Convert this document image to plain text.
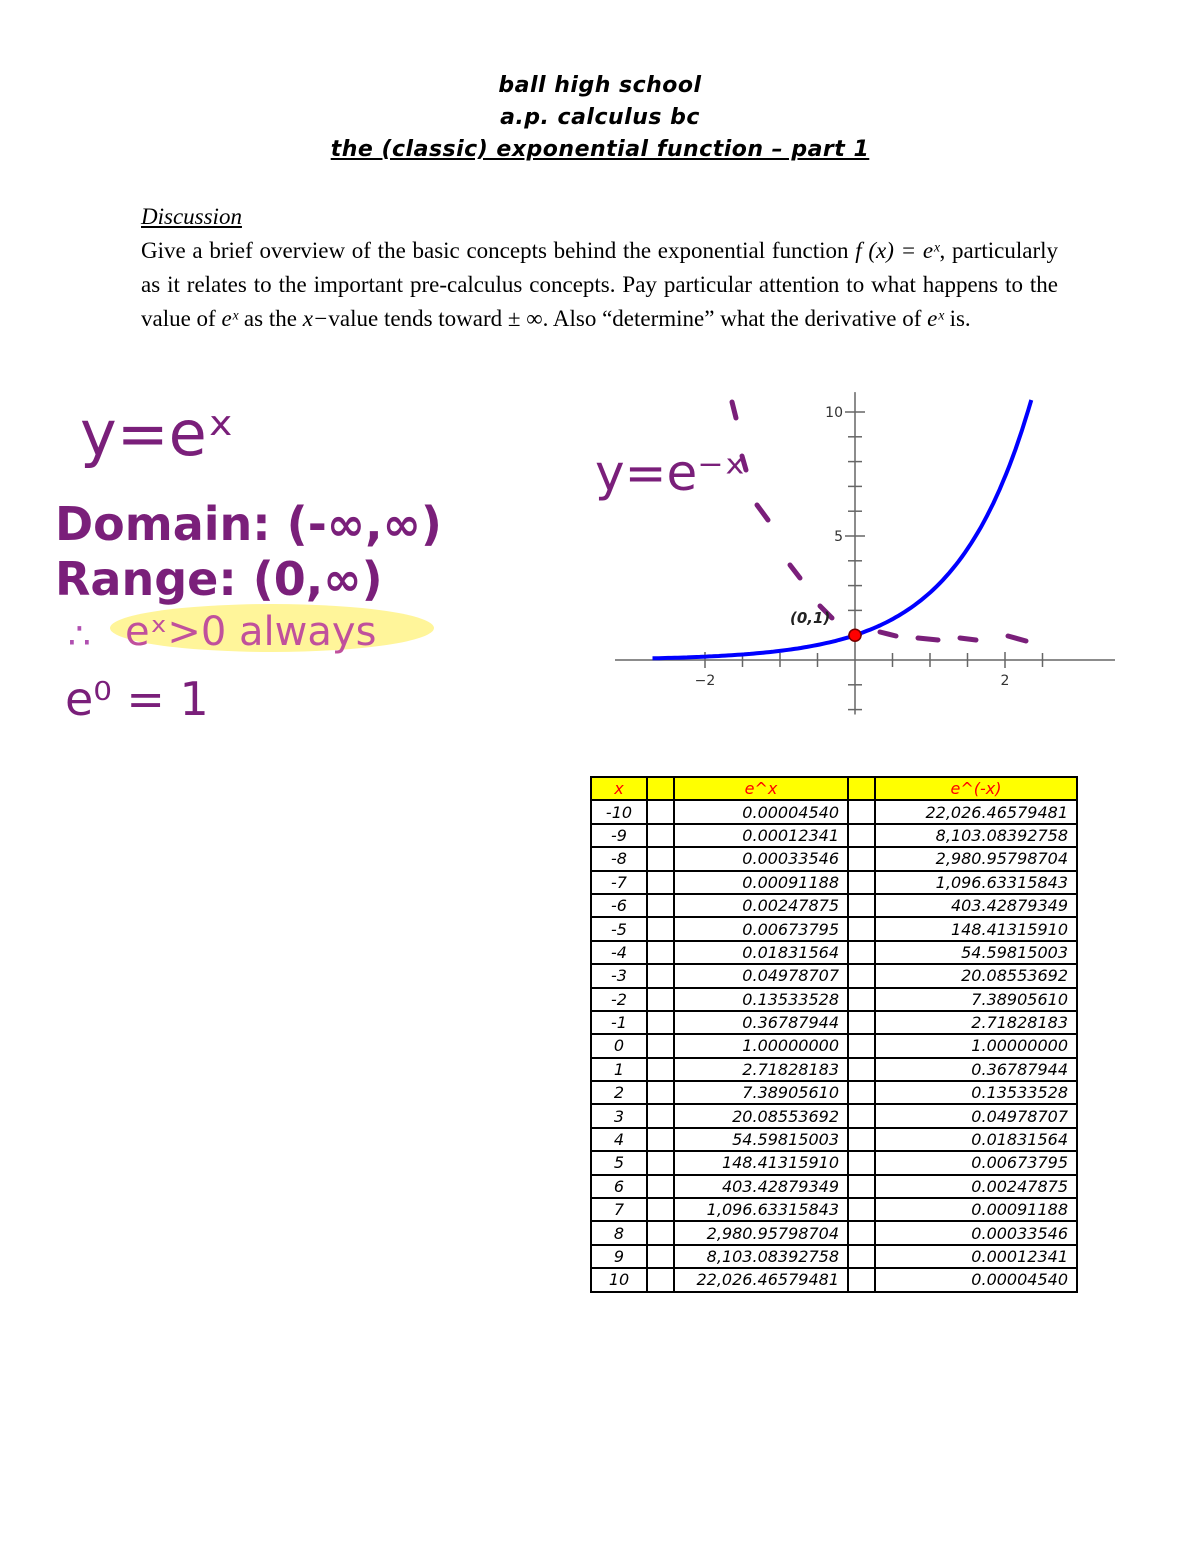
ball high school
a.p. calculus bc
the (classic) exponential function – part 1
Discussion
Give a brief overview of the basic concepts behind the exponential function f (x) = eˣ, particularly as it relates to the important pre-calculus concepts. Pay particular attention to what happens to the value of eˣ as the x−value tends toward ± ∞. Also “determine” what the derivative of eˣ is.
y=eˣ
Domain: (-∞,∞)
Range: (0,∞)
∴ eˣ>0 always
e⁰ = 1
y=e⁻ˣ
−2	2
5
10
(0,1)
x		e^x		e^(-x)
-10		0.00004540		22,026.46579481
-9		0.00012341		8,103.08392758
-8		0.00033546		2,980.95798704
-7		0.00091188		1,096.63315843
-6		0.00247875		403.42879349
-5		0.00673795		148.41315910
-4		0.01831564		54.59815003
-3		0.04978707		20.08553692
-2		0.13533528		7.38905610
-1		0.36787944		2.71828183
0		1.00000000		1.00000000
1		2.71828183		0.36787944
2		7.38905610		0.13533528
3		20.08553692		0.04978707
4		54.59815003		0.01831564
5		148.41315910		0.00673795
6		403.42879349		0.00247875
7		1,096.63315843		0.00091188
8		2,980.95798704		0.00033546
9		8,103.08392758		0.00012341
10		22,026.46579481		0.00004540
